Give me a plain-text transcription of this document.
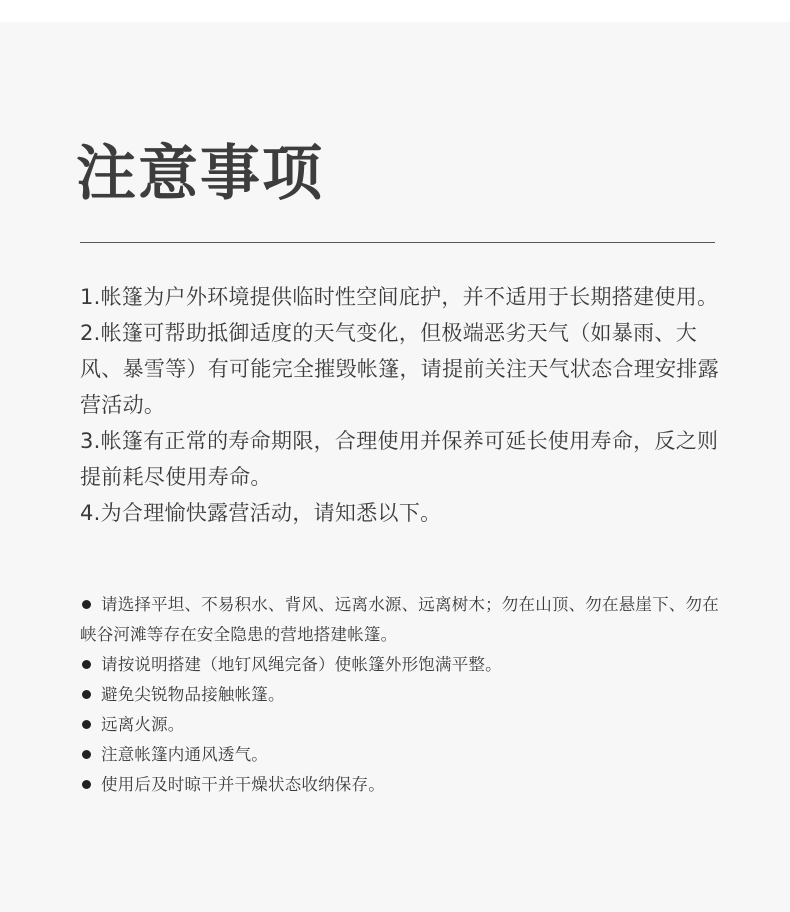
注意事项
1.帐篷为户外环境提供临时性空间庇护，并不适用于长期搭建使用。
2.帐篷可帮助抵御适度的天气变化，但极端恶劣天气（如暴雨、大风、暴雪等）有可能完全摧毁帐篷，请提前关注天气状态合理安排露营活动。
3.帐篷有正常的寿命期限，合理使用并保养可延长使用寿命，反之则提前耗尽使用寿命。
4.为合理愉快露营活动，请知悉以下。
请选择平坦、不易积水、背风、远离水源、远离树木；勿在山顶、勿在悬崖下、勿在峡谷河滩等存在安全隐患的营地搭建帐篷。
请按说明搭建（地钉风绳完备）使帐篷外形饱满平整。
避免尖锐物品接触帐篷。
远离火源。
注意帐篷内通风透气。
使用后及时晾干并干燥状态收纳保存。
